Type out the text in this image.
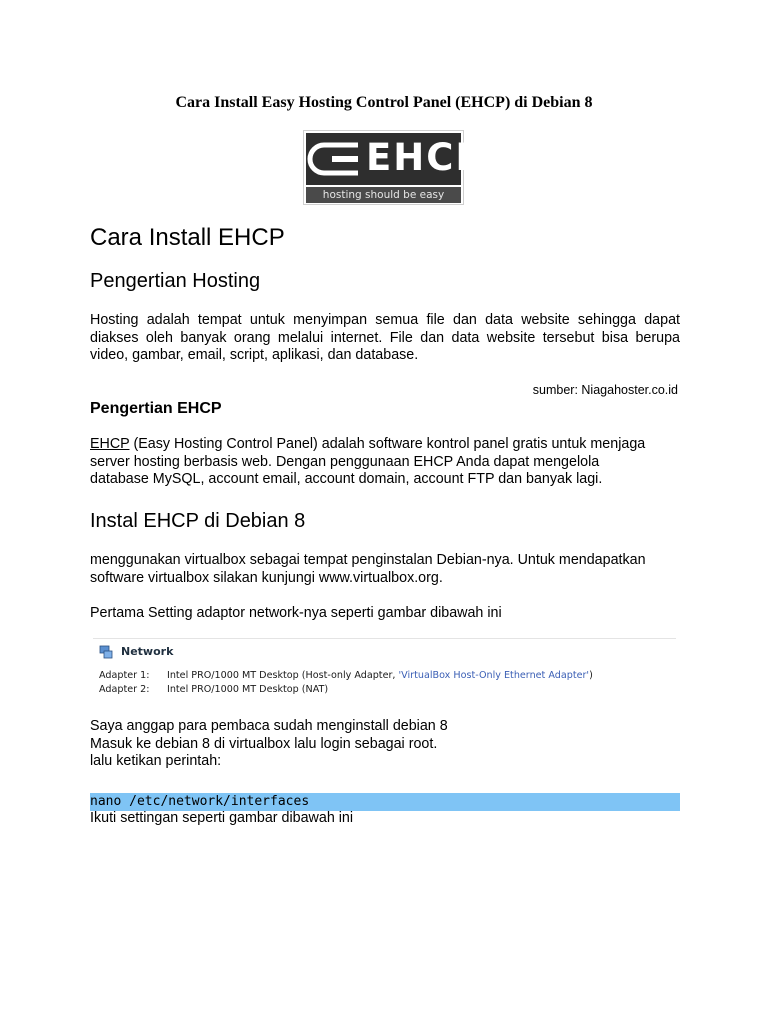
Cara Install Easy Hosting Control Panel (EHCP) di Debian 8
EHCP
hosting should be easy
Cara Install EHCP
Pengertian Hosting
Hosting adalah tempat untuk menyimpan semua file dan data website sehingga dapat
diakses oleh banyak orang melalui internet. File dan data website tersebut bisa berupa
video, gambar, email, script, aplikasi, dan database.
sumber: Niagahoster.co.id
Pengertian EHCP
EHCP (Easy Hosting Control Panel) adalah software kontrol panel gratis untuk menjaga
server hosting berbasis web. Dengan penggunaan EHCP Anda dapat mengelola
database MySQL, account email, account domain, account FTP dan banyak lagi.
Instal EHCP di Debian 8
menggunakan virtualbox sebagai tempat penginstalan Debian-nya. Untuk mendapatkan
software virtualbox silakan kunjungi www.virtualbox.org.
Pertama Setting adaptor network-nya seperti gambar dibawah ini
Network
Adapter 1: Intel PRO/1000 MT Desktop (Host-only Adapter, 'VirtualBox Host-Only Ethernet Adapter')
Adapter 2: Intel PRO/1000 MT Desktop (NAT)
Saya anggap para pembaca sudah menginstall debian 8
Masuk ke debian 8 di virtualbox lalu login sebagai root.
lalu ketikan perintah:
nano /etc/network/interfaces
Ikuti settingan seperti gambar dibawah ini
